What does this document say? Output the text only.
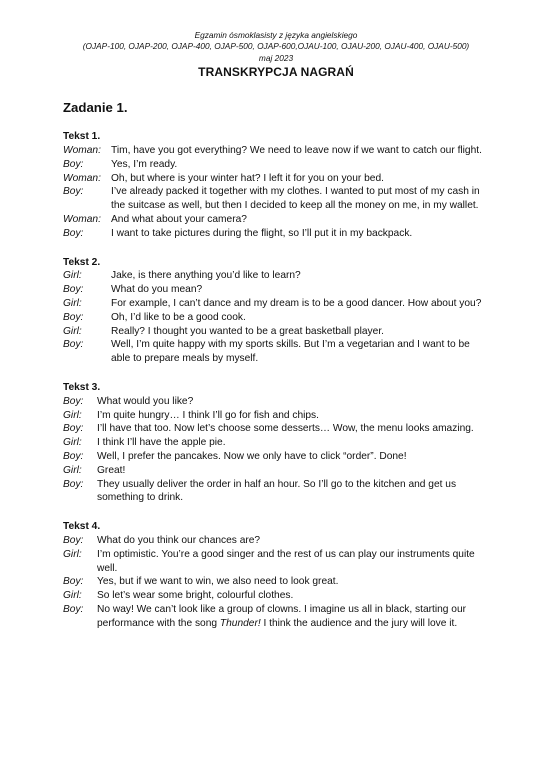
Egzamin ósmoklasisty z języka angielskiego
(OJAP-100, OJAP-200, OJAP-400, OJAP-500, OJAP-600,OJAU-100, OJAU-200, OJAU-400, OJAU-500)
maj 2023
TRANSKRYPCJA NAGRAŃ
Zadanie 1.
Tekst 1.
Woman: Tim, have you got everything? We need to leave now if we want to catch our flight.
Boy:	Yes, I’m ready.
Woman: Oh, but where is your winter hat? I left it for you on your bed.
Boy:	I’ve already packed it together with my clothes. I wanted to put most of my cash in the suitcase as well, but then I decided to keep all the money on me, in my wallet.
Woman: And what about your camera?
Boy:	I want to take pictures during the flight, so I’ll put it in my backpack.
Tekst 2.
Girl:	Jake, is there anything you’d like to learn?
Boy:	What do you mean?
Girl:	For example, I can’t dance and my dream is to be a good dancer. How about you?
Boy:	Oh, I’d like to be a good cook.
Girl:	Really? I thought you wanted to be a great basketball player.
Boy:	Well, I’m quite happy with my sports skills. But I’m a vegetarian and I want to be able to prepare meals by myself.
Tekst 3.
Boy:	What would you like?
Girl:	I’m quite hungry… I think I’ll go for fish and chips.
Boy:	I’ll have that too. Now let’s choose some desserts… Wow, the menu looks amazing.
Girl:	I think I’ll have the apple pie.
Boy:	Well, I prefer the pancakes. Now we only have to click “order”. Done!
Girl:	Great!
Boy:	They usually deliver the order in half an hour. So I’ll go to the kitchen and get us something to drink.
Tekst 4.
Boy:	What do you think our chances are?
Girl:	I’m optimistic. You’re a good singer and the rest of us can play our instruments quite well.
Boy:	Yes, but if we want to win, we also need to look great.
Girl:	So let’s wear some bright, colourful clothes.
Boy:	No way! We can’t look like a group of clowns. I imagine us all in black, starting our performance with the song Thunder! I think the audience and the jury will love it.
